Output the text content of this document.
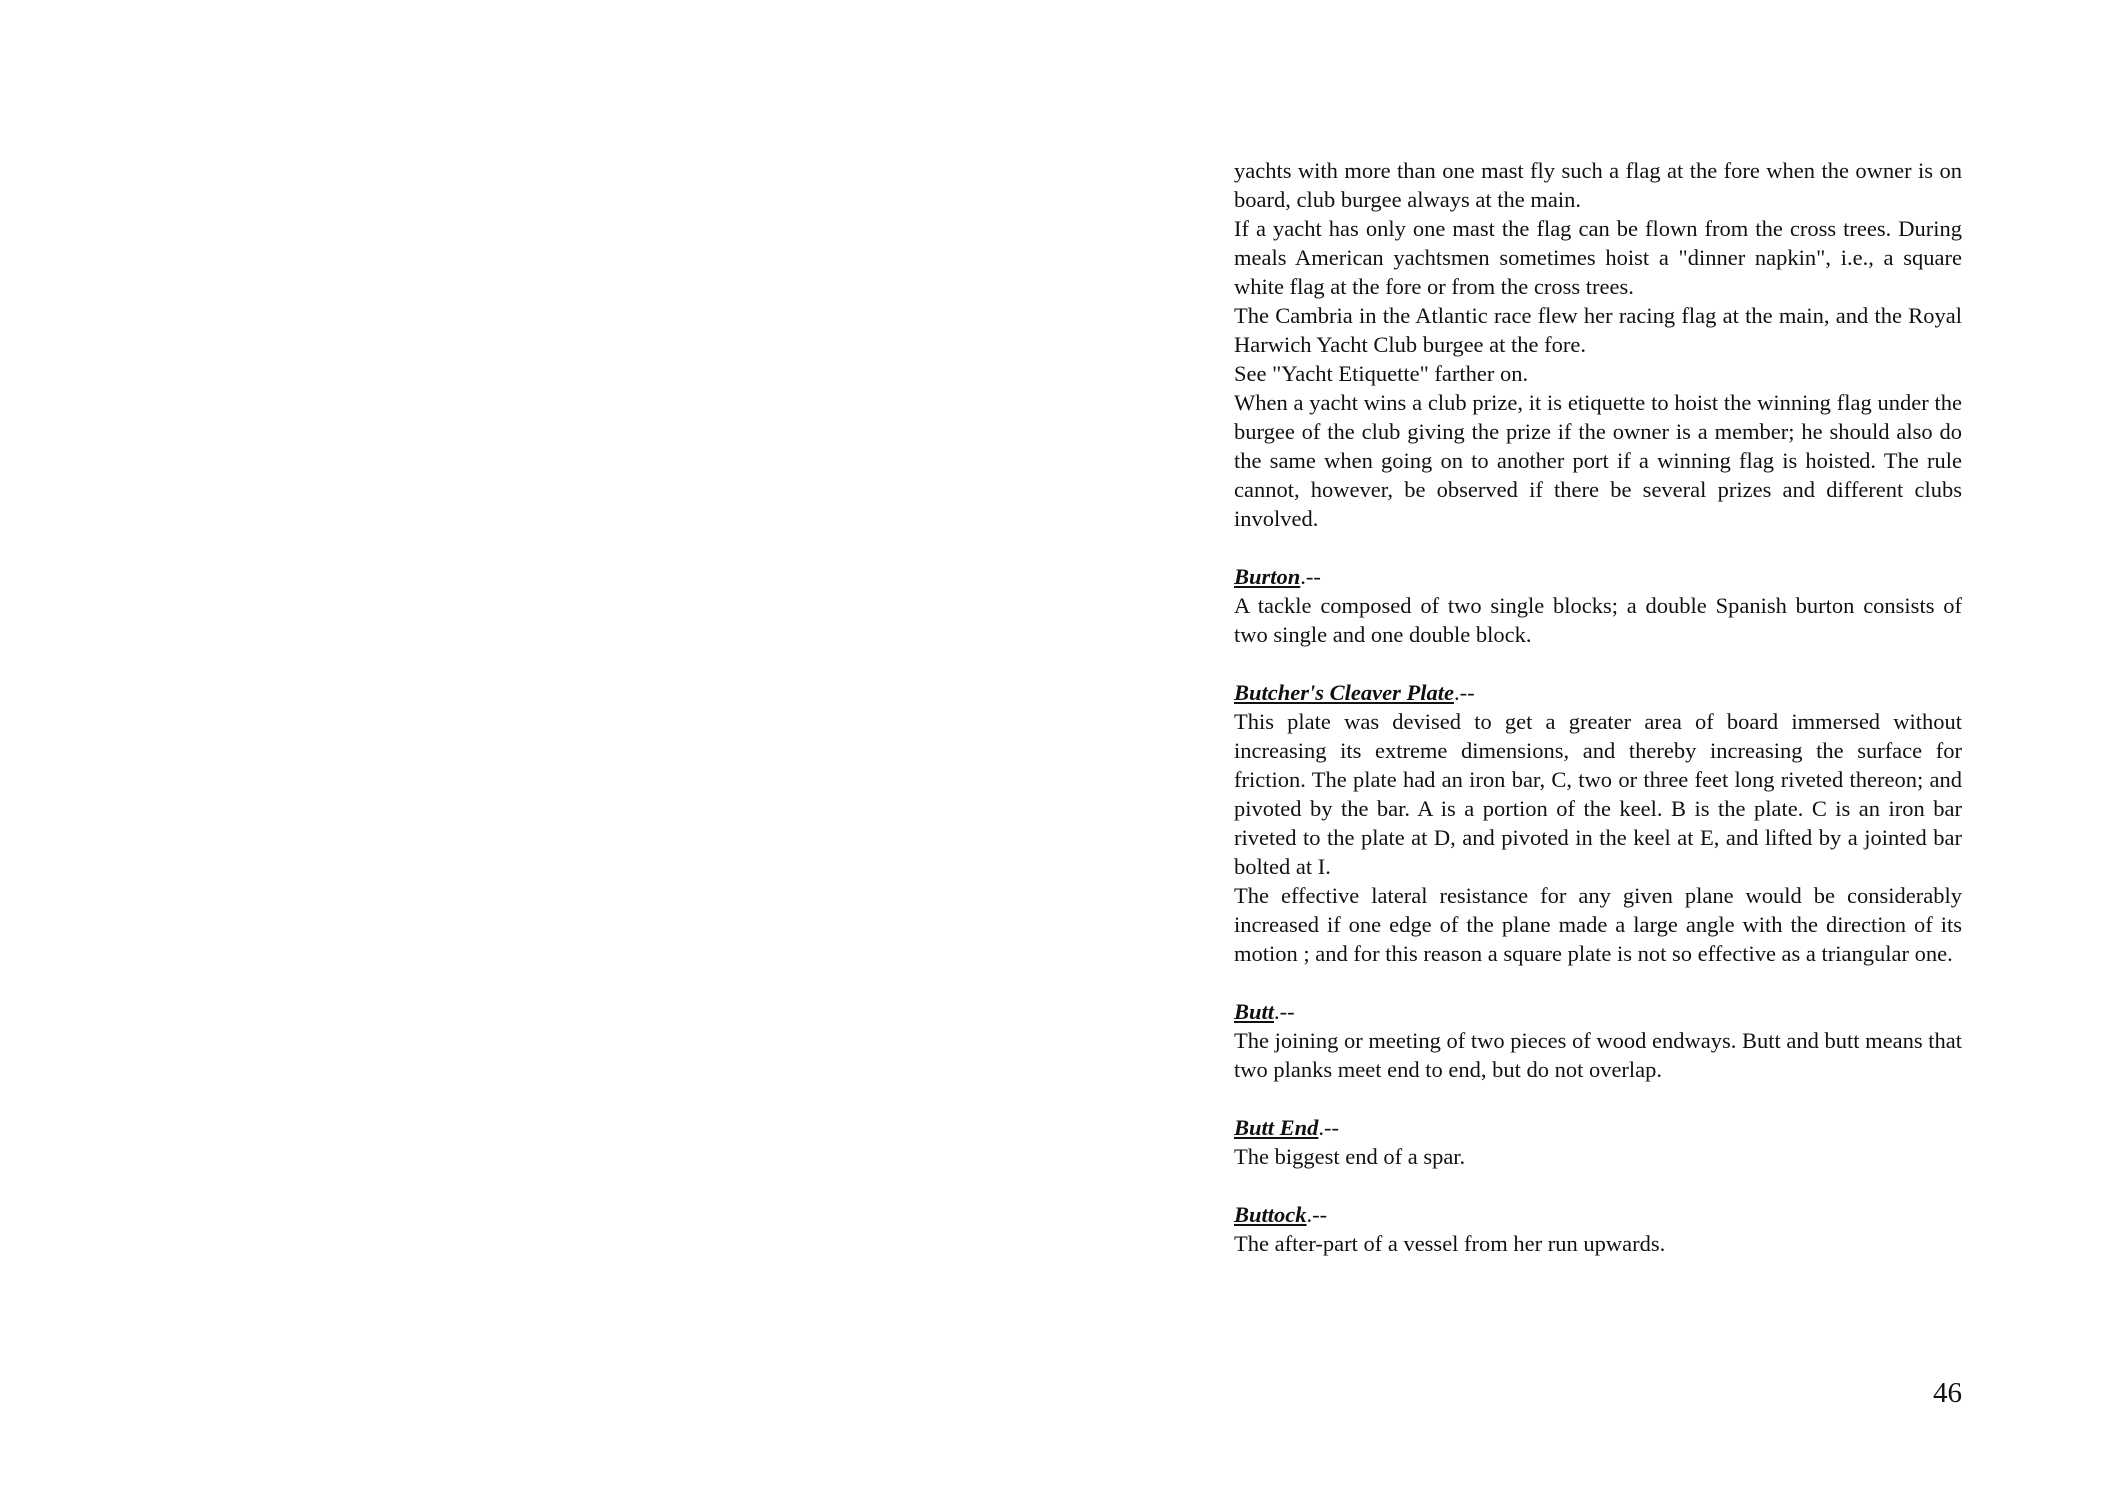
yachts with more than one mast fly such a flag at the fore when the owner is on board, club burgee always at the main.

If a yacht has only one mast the flag can be flown from the cross trees. During meals American yachtsmen sometimes hoist a "dinner napkin", i.e., a square white flag at the fore or from the cross trees.

The Cambria in the Atlantic race flew her racing flag at the main, and the Royal Harwich Yacht Club burgee at the fore.

See "Yacht Etiquette" farther on.

When a yacht wins a club prize, it is etiquette to hoist the winning flag under the burgee of the club giving the prize if the owner is a member; he should also do the same when going on to another port if a winning flag is hoisted. The rule cannot, however, be observed if there be several prizes and different clubs involved.

Burton.--

A tackle composed of two single blocks; a double Spanish burton consists of two single and one double block.

Butcher's Cleaver Plate.--

This plate was devised to get a greater area of board immersed without increasing its extreme dimensions, and thereby increasing the surface for friction. The plate had an iron bar, C, two or three feet long riveted thereon; and pivoted by the bar. A is a portion of the keel. B is the plate. C is an iron bar riveted to the plate at D, and pivoted in the keel at E, and lifted by a jointed bar bolted at I.

The effective lateral resistance for any given plane would be considerably increased if one edge of the plane made a large angle with the direction of its motion ; and for this reason a square plate is not so effective as a triangular one.

Butt.--

The joining or meeting of two pieces of wood endways. Butt and butt means that two planks meet end to end, but do not overlap.

Butt End.--

The biggest end of a spar.

Buttock.--

The after-part of a vessel from her run upwards.

46
